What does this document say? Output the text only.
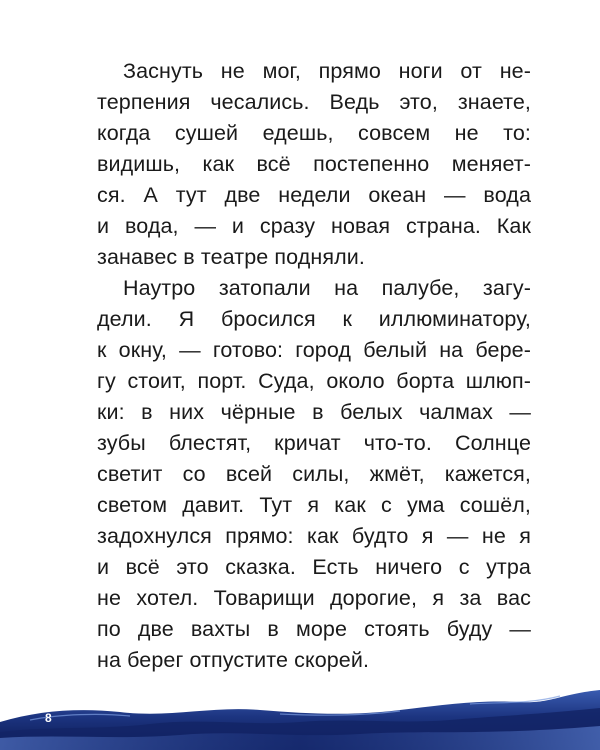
Заснуть не мог, прямо ноги от не-
терпения чесались. Ведь это, знаете,
когда сушей едешь, совсем не то:
видишь, как всё постепенно меняет-
ся. А тут две недели океан — вода
и вода, — и сразу новая страна. Как
занавес в театре подняли.
Наутро затопали на палубе, загу-
дели. Я бросился к иллюминатору,
к окну, — готово: город белый на бере-
гу стоит, порт. Суда, около борта шлюп-
ки: в них чёрные в белых чалмах —
зубы блестят, кричат что-то. Солнце
светит со всей силы, жмёт, кажется,
светом давит. Тут я как с ума сошёл,
задохнулся прямо: как будто я — не я
и всё это сказка. Есть ничего с утра
не хотел. Товарищи дорогие, я за вас
по две вахты в море стоять буду —
на берег отпустите скорей.
8
